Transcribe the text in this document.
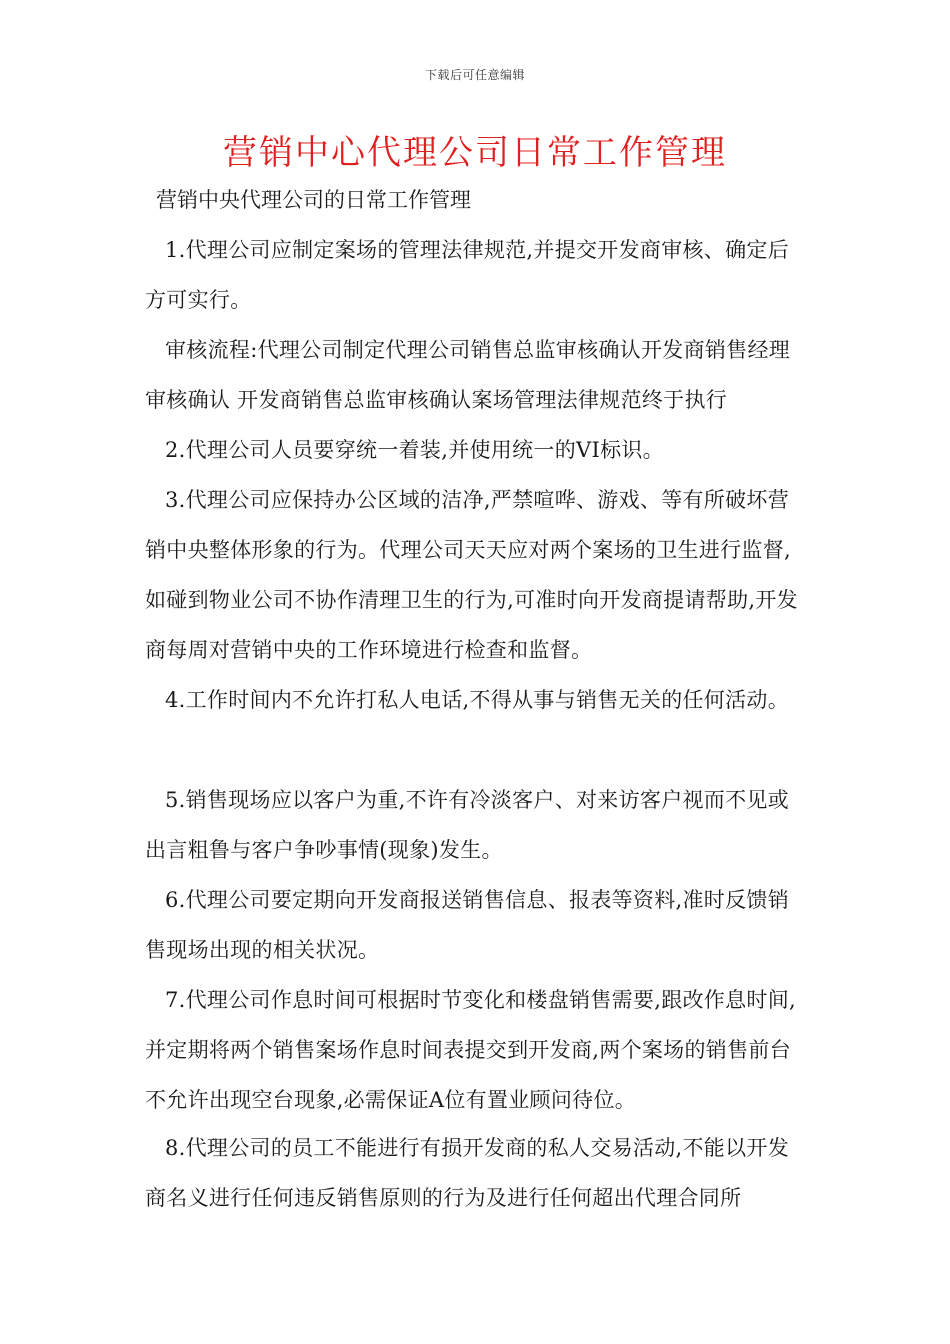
下载后可任意编辑
营销中心代理公司日常工作管理
营销中央代理公司的日常工作管理
1.代理公司应制定案场的管理法律规范,并提交开发商审核、确定后方可实行。
审核流程:代理公司制定代理公司销售总监审核确认开发商销售经理审核确认 开发商销售总监审核确认案场管理法律规范终于执行
2.代理公司人员要穿统一着装,并使用统一的VI标识。
3.代理公司应保持办公区域的洁净,严禁喧哗、游戏、等有所破坏营销中央整体形象的行为。代理公司天天应对两个案场的卫生进行监督,如碰到物业公司不协作清理卫生的行为,可准时向开发商提请帮助,开发商每周对营销中央的工作环境进行检查和监督。
4.工作时间内不允许打私人电话,不得从事与销售无关的任何活动。
5.销售现场应以客户为重,不许有冷淡客户、对来访客户视而不见或出言粗鲁与客户争吵事情(现象)发生。
6.代理公司要定期向开发商报送销售信息、报表等资料,准时反馈销售现场出现的相关状况。
7.代理公司作息时间可根据时节变化和楼盘销售需要,跟改作息时间,并定期将两个销售案场作息时间表提交到开发商,两个案场的销售前台不允许出现空台现象,必需保证A位有置业顾问待位。
8.代理公司的员工不能进行有损开发商的私人交易活动,不能以开发商名义进行任何违反销售原则的行为及进行任何超出代理合同所
